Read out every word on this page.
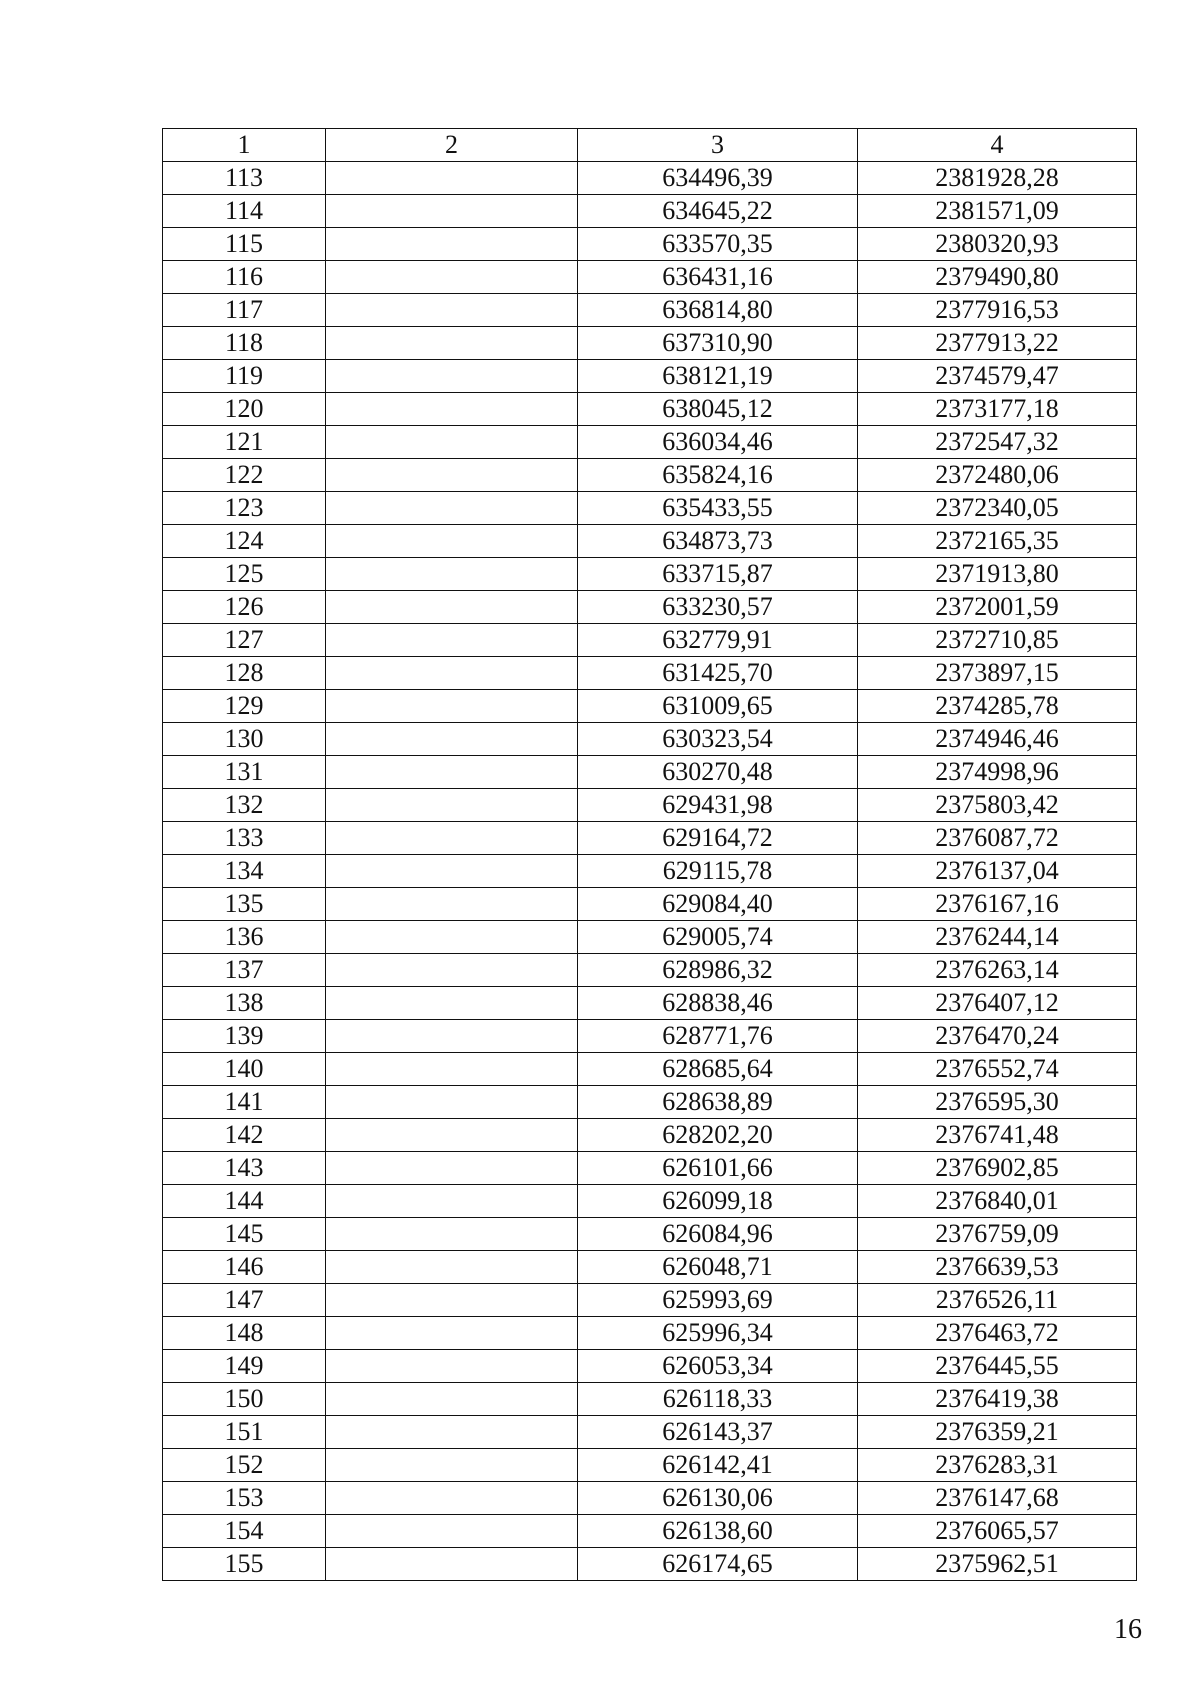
1	2	3	4
113		634496,39	2381928,28
114		634645,22	2381571,09
115		633570,35	2380320,93
116		636431,16	2379490,80
117		636814,80	2377916,53
118		637310,90	2377913,22
119		638121,19	2374579,47
120		638045,12	2373177,18
121		636034,46	2372547,32
122		635824,16	2372480,06
123		635433,55	2372340,05
124		634873,73	2372165,35
125		633715,87	2371913,80
126		633230,57	2372001,59
127		632779,91	2372710,85
128		631425,70	2373897,15
129		631009,65	2374285,78
130		630323,54	2374946,46
131		630270,48	2374998,96
132		629431,98	2375803,42
133		629164,72	2376087,72
134		629115,78	2376137,04
135		629084,40	2376167,16
136		629005,74	2376244,14
137		628986,32	2376263,14
138		628838,46	2376407,12
139		628771,76	2376470,24
140		628685,64	2376552,74
141		628638,89	2376595,30
142		628202,20	2376741,48
143		626101,66	2376902,85
144		626099,18	2376840,01
145		626084,96	2376759,09
146		626048,71	2376639,53
147		625993,69	2376526,11
148		625996,34	2376463,72
149		626053,34	2376445,55
150		626118,33	2376419,38
151		626143,37	2376359,21
152		626142,41	2376283,31
153		626130,06	2376147,68
154		626138,60	2376065,57
155		626174,65	2375962,51
16
